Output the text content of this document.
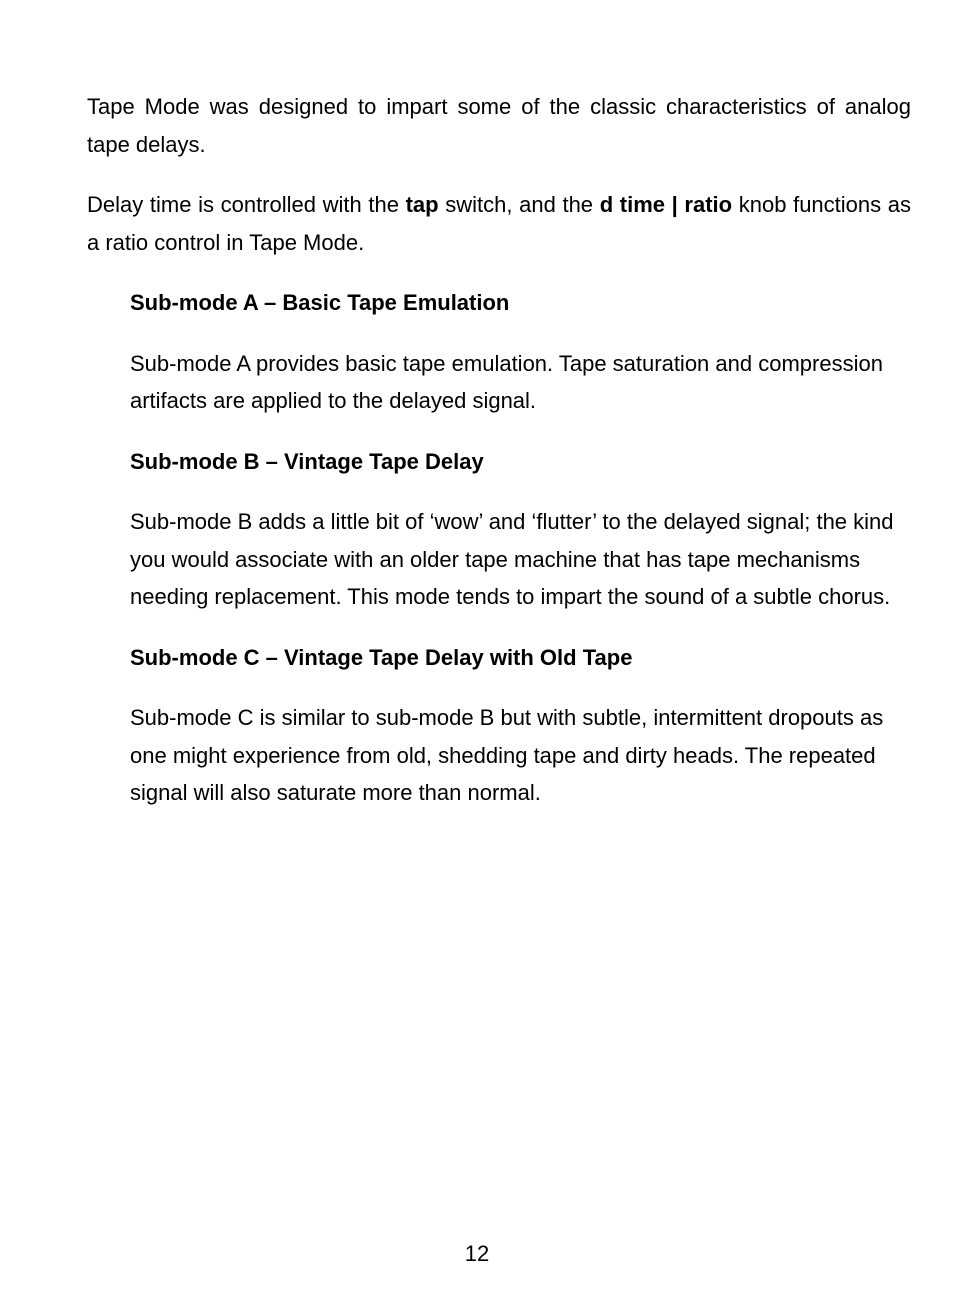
Tape Mode was designed to impart some of the classic characteristics of analog tape delays.

Delay time is controlled with the tap switch, and the d time | ratio knob functions as a ratio control in Tape Mode.

Sub-mode A – Basic Tape Emulation
Sub-mode A provides basic tape emulation. Tape saturation and compression artifacts are applied to the delayed signal.
Sub-mode B – Vintage Tape Delay
Sub-mode B adds a little bit of ‘wow’ and ‘flutter’ to the delayed signal; the kind you would associate with an older tape machine that has tape mechanisms needing replacement. This mode tends to impart the sound of a subtle chorus.
Sub-mode C – Vintage Tape Delay with Old Tape
Sub-mode C is similar to sub-mode B but with subtle, intermittent dropouts as one might experience from old, shedding tape and dirty heads. The repeated signal will also saturate more than normal.
12
